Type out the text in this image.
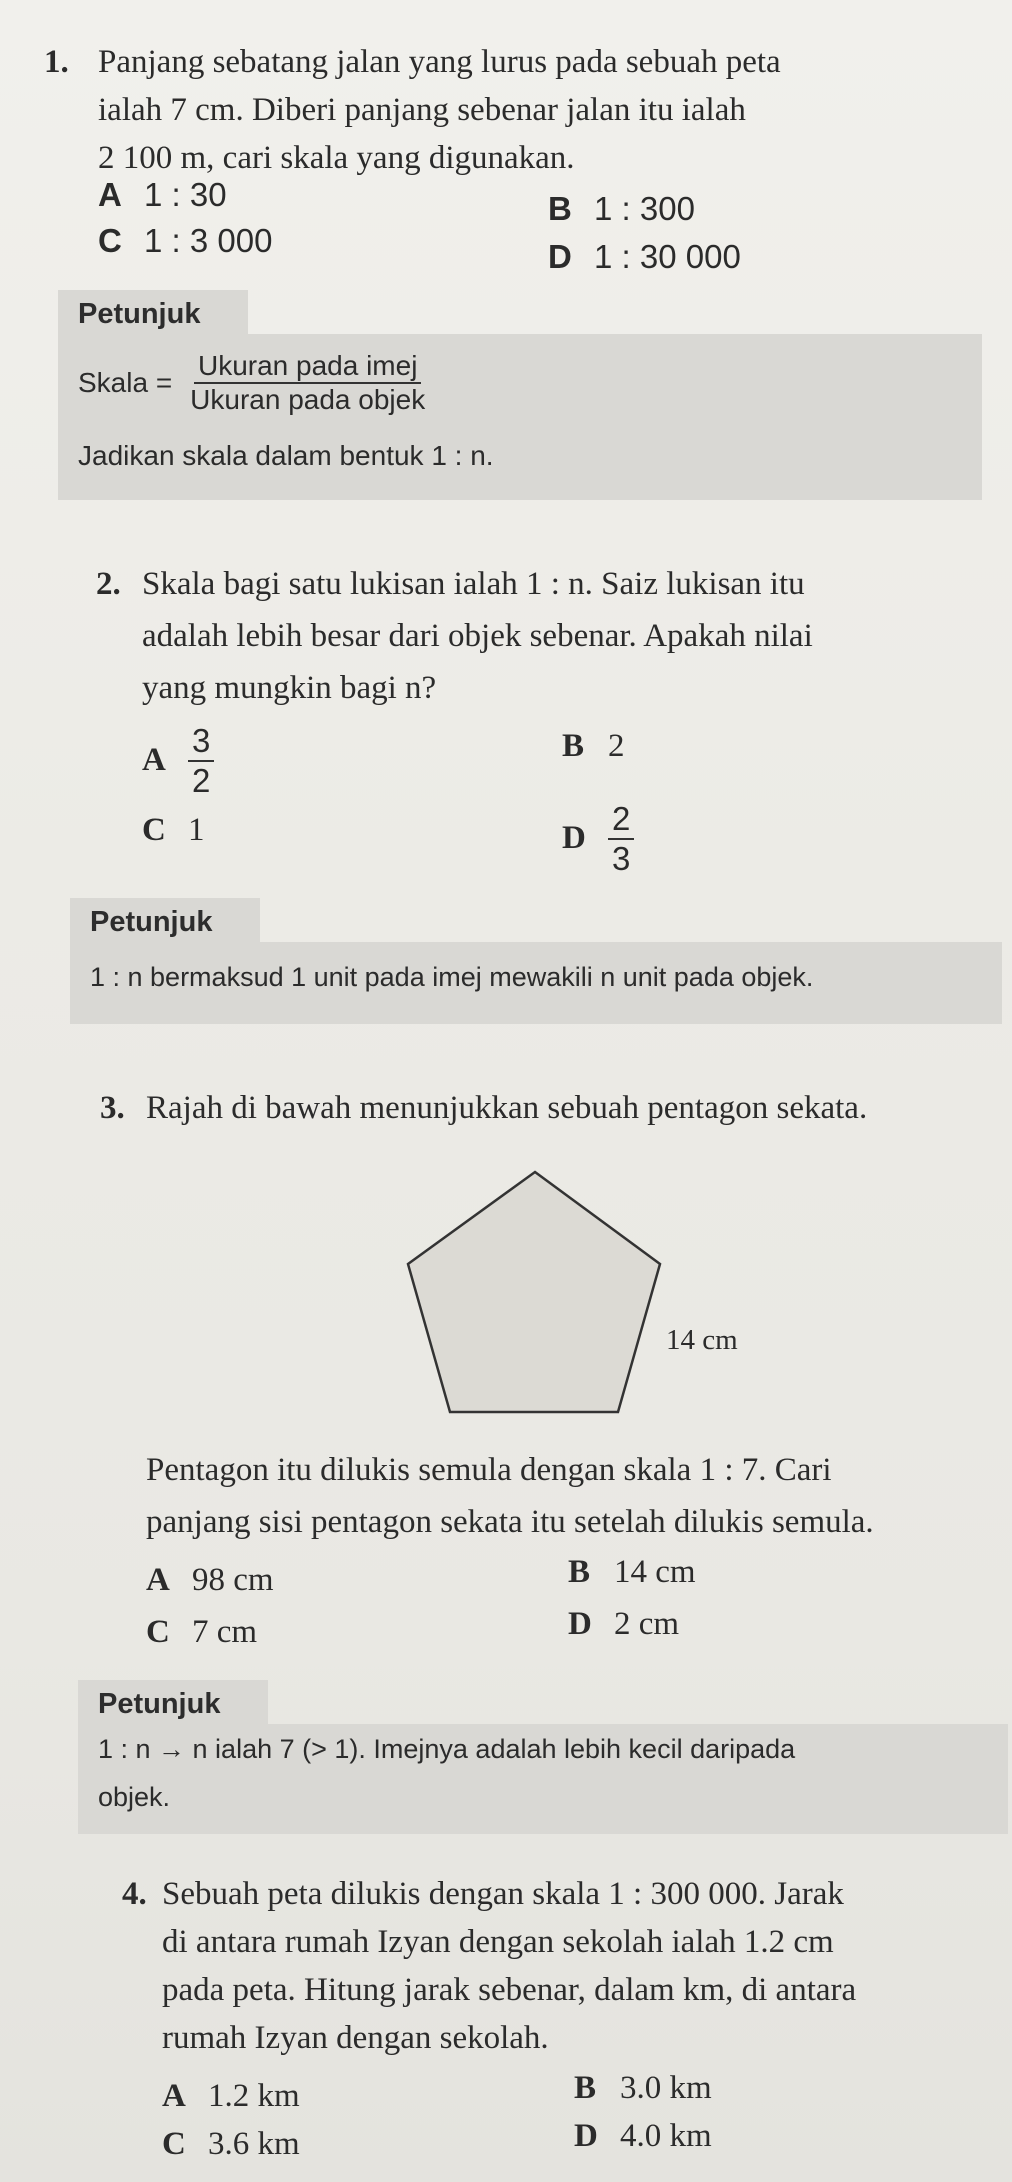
1. Panjang sebatang jalan yang lurus pada sebuah peta
ialah 7 cm. Diberi panjang sebenar jalan itu ialah
2 100 m, cari skala yang digunakan.
A 1 : 30	B 1 : 300
C 1 : 3 000	D 1 : 30 000
Petunjuk
Skala = $\frac{\text{Ukuran pada imej}}{\text{Ukuran pada objek}}$
Jadikan skala dalam bentuk 1 : n.
2. Skala bagi satu lukisan ialah 1 : n. Saiz lukisan itu
adalah lebih besar dari objek sebenar. Apakah nilai
yang mungkin bagi n?
A $\frac{3}{2}$	B 2
C 1	D $\frac{2}{3}$
Petunjuk
1 : n bermaksud 1 unit pada imej mewakili n unit pada objek.
3. Rajah di bawah menunjukkan sebuah pentagon sekata.
14 cm
Pentagon itu dilukis semula dengan skala 1 : 7. Cari
panjang sisi pentagon sekata itu setelah dilukis semula.
A 98 cm	B 14 cm
C 7 cm	D 2 cm
Petunjuk
1 : n → n ialah 7 (> 1). Imejnya adalah lebih kecil daripada
objek.
4. Sebuah peta dilukis dengan skala 1 : 300 000. Jarak
di antara rumah Izyan dengan sekolah ialah 1.2 cm
pada peta. Hitung jarak sebenar, dalam km, di antara
rumah Izyan dengan sekolah.
A 1.2 km	B 3.0 km
C 3.6 km	D 4.0 km
